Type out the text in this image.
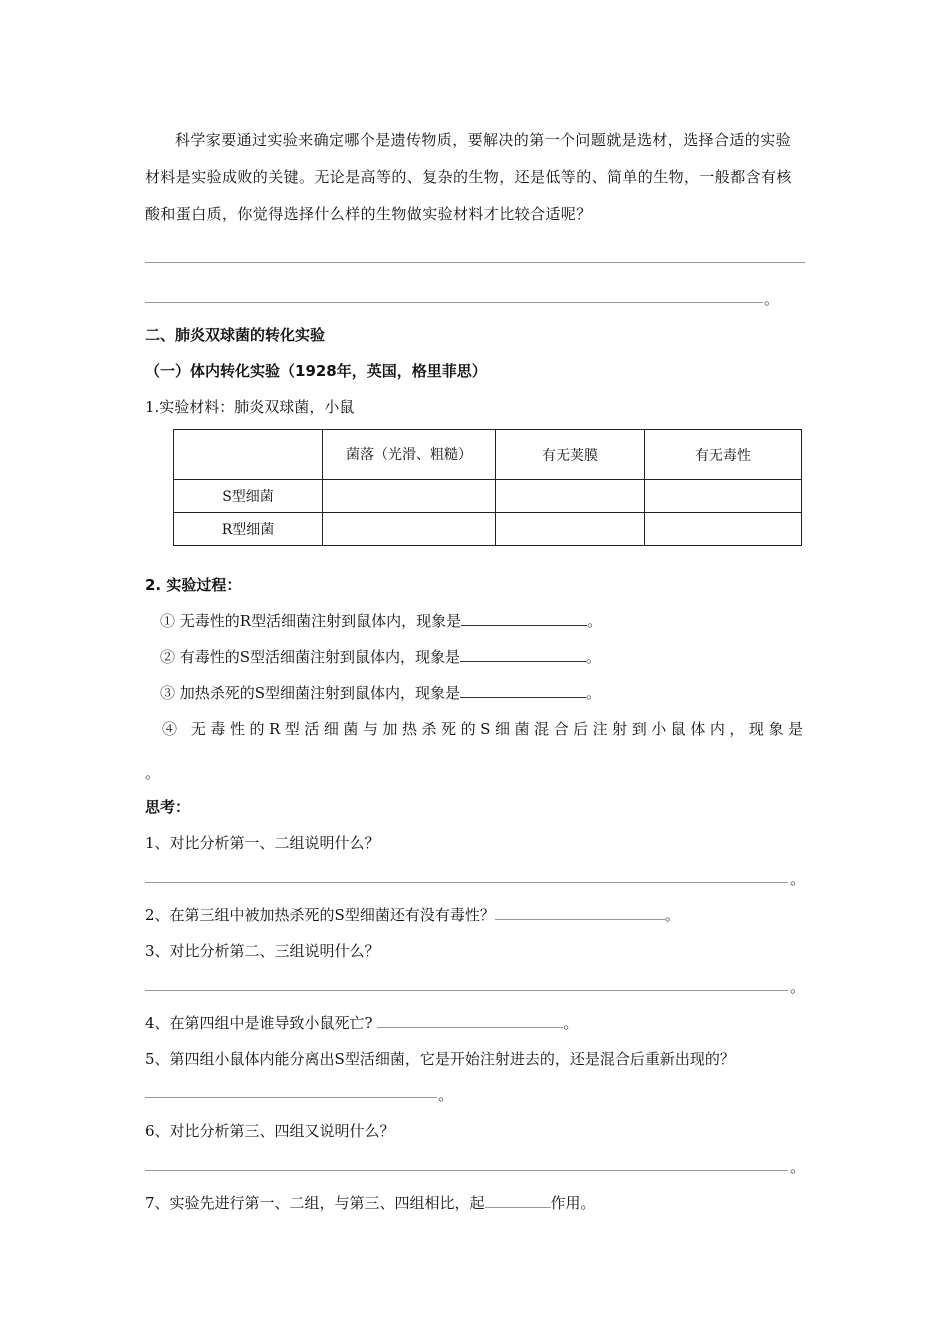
科学家要通过实验来确定哪个是遗传物质，要解决的第一个问题就是选材，选择合适的实验材料是实验成败的关键。无论是高等的、复杂的生物，还是低等的、简单的生物，一般都含有核酸和蛋白质，你觉得选择什么样的生物做实验材料才比较合适呢？
。
二、肺炎双球菌的转化实验
（一）体内转化实验（1928年，英国，格里菲思）
1.实验材料：肺炎双球菌，小鼠
	菌落（光滑、粗糙）	有无荚膜	有无毒性
S型细菌			
R型细菌			
2. 实验过程：
① 无毒性的R型活细菌注射到鼠体内，现象是	。
② 有毒性的S型活细菌注射到鼠体内，现象是	。
③ 加热杀死的S型细菌注射到鼠体内，现象是	。
④ 无毒性的R型活细菌与加热杀死的S细菌混合后注射到小鼠体内，现象是
。
思考：
1、对比分析第一、二组说明什么？
。
2、在第三组中被加热杀死的S型细菌还有没有毒性？	。
3、对比分析第二、三组说明什么？
。
4、在第四组中是谁导致小鼠死亡?	。
5、第四组小鼠体内能分离出S型活细菌，它是开始注射进去的，还是混合后重新出现的？
。
6、对比分析第三、四组又说明什么？
。
7、实验先进行第一、二组，与第三、四组相比，起	作用。
